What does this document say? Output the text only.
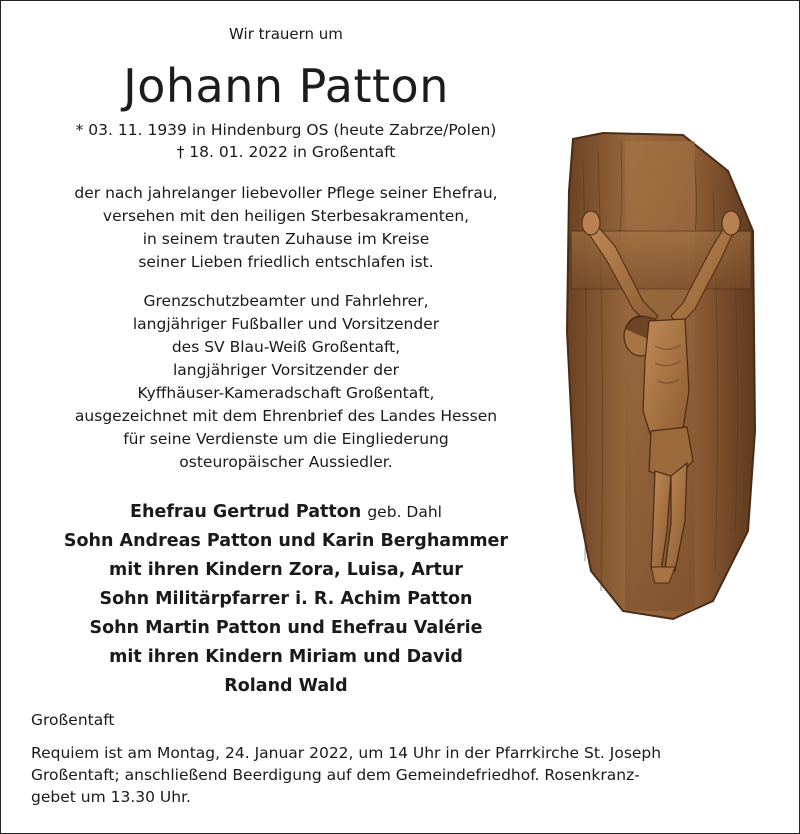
Wir trauern um
Johann Patton
* 03. 11. 1939 in Hindenburg OS (heute Zabrze/Polen)
† 18. 01. 2022 in Großentaft
der nach jahrelanger liebevoller Pflege seiner Ehefrau,
versehen mit den heiligen Sterbesakramenten,
in seinem trauten Zuhause im Kreise
seiner Lieben friedlich entschlafen ist.
Grenzschutzbeamter und Fahrlehrer,
langjähriger Fußballer und Vorsitzender
des SV Blau-Weiß Großentaft,
langjähriger Vorsitzender der
Kyffhäuser-Kameradschaft Großentaft,
ausgezeichnet mit dem Ehrenbrief des Landes Hessen
für seine Verdienste um die Eingliederung
osteuropäischer Aussiedler.
Ehefrau Gertrud Patton geb. Dahl
Sohn Andreas Patton und Karin Berghammer
mit ihren Kindern Zora, Luisa, Artur
Sohn Militärpfarrer i. R. Achim Patton
Sohn Martin Patton und Ehefrau Valérie
mit ihren Kindern Miriam und David
Roland Wald
Großentaft
Requiem ist am Montag, 24. Januar 2022, um 14 Uhr in der Pfarrkirche St. Joseph
Großentaft; anschließend Beerdigung auf dem Gemeindefriedhof. Rosenkranz-
gebet um 13.30 Uhr.
